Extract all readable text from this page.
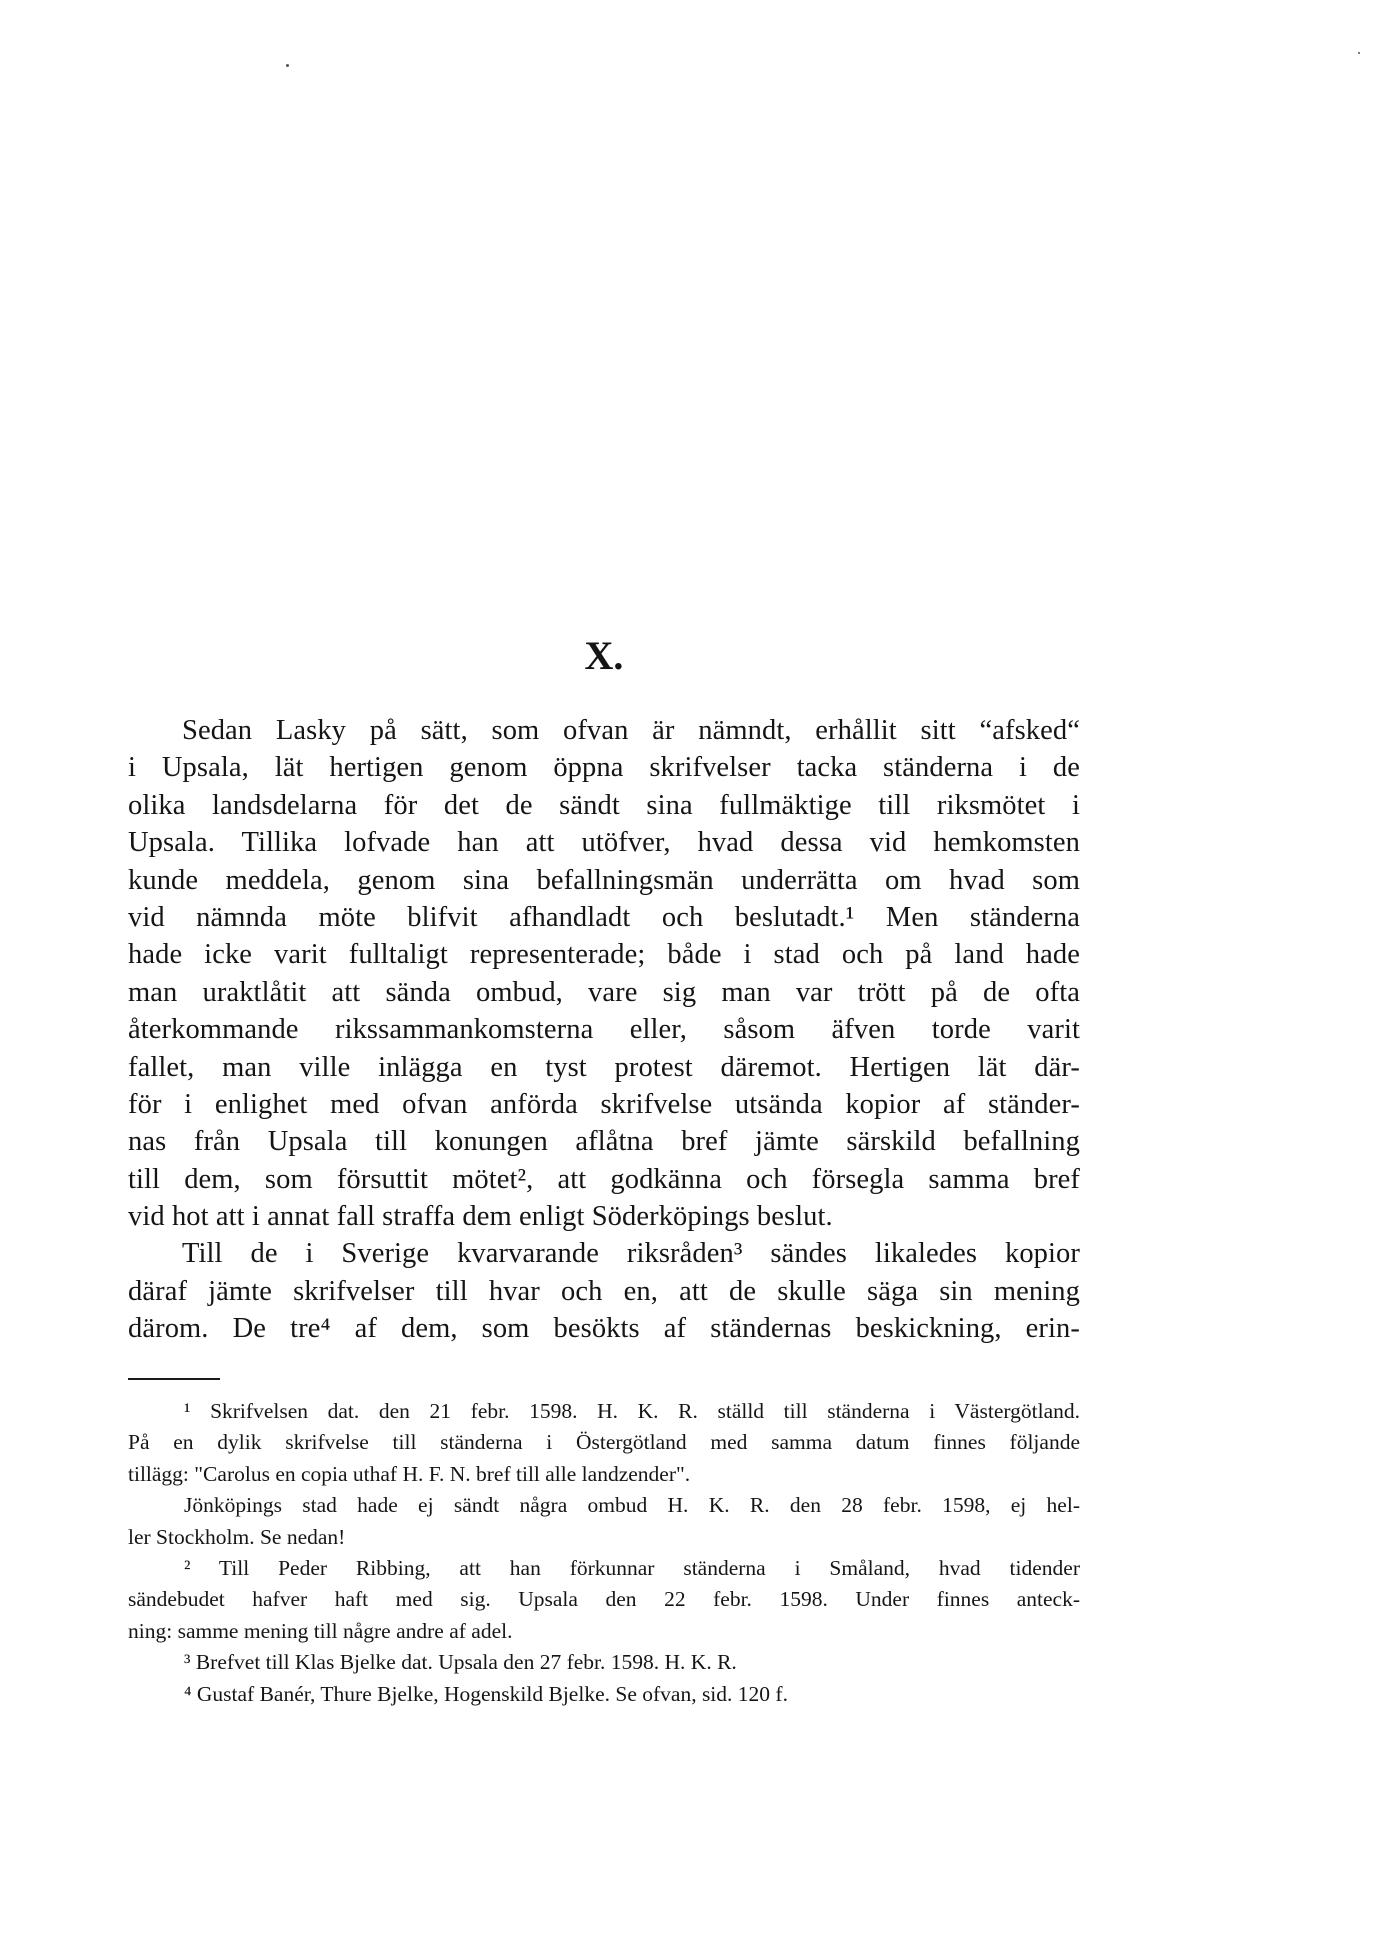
X.
Sedan Lasky på sätt, som ofvan är nämndt, erhållit sitt “afsked“
i Upsala, lät hertigen genom öppna skrifvelser tacka ständerna i de
olika landsdelarna för det de sändt sina fullmäktige till riksmötet i
Upsala. Tillika lofvade han att utöfver, hvad dessa vid hemkomsten
kunde meddela, genom sina befallningsmän underrätta om hvad som
vid nämnda möte blifvit afhandladt och beslutadt.¹ Men ständerna
hade icke varit fulltaligt representerade; både i stad och på land hade
man uraktlåtit att sända ombud, vare sig man var trött på de ofta
återkommande rikssammankomsterna eller, såsom äfven torde varit
fallet, man ville inlägga en tyst protest däremot. Hertigen lät där-
för i enlighet med ofvan anförda skrifvelse utsända kopior af ständer-
nas från Upsala till konungen aflåtna bref jämte särskild befallning
till dem, som försuttit mötet², att godkänna och försegla samma bref
vid hot att i annat fall straffa dem enligt Söderköpings beslut.
Till de i Sverige kvarvarande riksråden³ sändes likaledes kopior
däraf jämte skrifvelser till hvar och en, att de skulle säga sin mening
därom. De tre⁴ af dem, som besökts af ständernas beskickning, erin-
¹ Skrifvelsen dat. den 21 febr. 1598. H. K. R. ställd till ständerna i Västergötland.
På en dylik skrifvelse till ständerna i Östergötland med samma datum finnes följande
tillägg: "Carolus en copia uthaf H. F. N. bref till alle landzender".
Jönköpings stad hade ej sändt några ombud H. K. R. den 28 febr. 1598, ej hel-
ler Stockholm. Se nedan!
² Till Peder Ribbing, att han förkunnar ständerna i Småland, hvad tidender
sändebudet hafver haft med sig. Upsala den 22 febr. 1598. Under finnes anteck-
ning: samme mening till någre andre af adel.
³ Brefvet till Klas Bjelke dat. Upsala den 27 febr. 1598. H. K. R.
⁴ Gustaf Banér, Thure Bjelke, Hogenskild Bjelke. Se ofvan, sid. 120 f.
